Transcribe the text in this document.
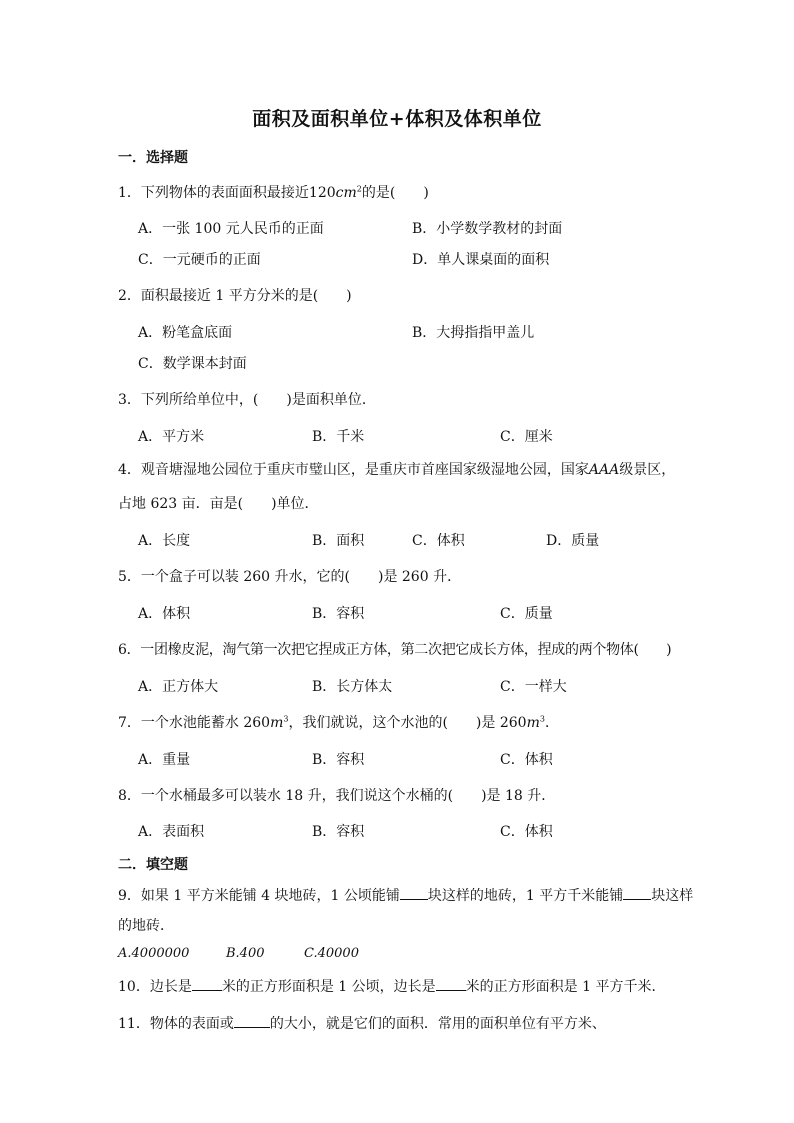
面积及面积单位+体积及体积单位
一．选择题
1．下列物体的表面面积最接近$120cm^2$的是(　　)
A．一张 100 元人民币的正面	B．小学数学教材的封面
C．一元硬币的正面	D．单人课桌面的面积
2．面积最接近 1 平方分米的是(　　)
A．粉笔盒底面	B．大拇指指甲盖儿
C．数学课本封面
3．下列所给单位中，(　　)是面积单位．
A．平方米	B．千米	C．厘米
4．观音塘湿地公园位于重庆市璧山区，是重庆市首座国家级湿地公园，国家AAA级景区，
占地 623 亩．亩是(　　)单位．
A．长度	B．面积	C．体积	D．质量
5．一个盒子可以装 260 升水，它的(　　)是 260 升．
A．体积	B．容积	C．质量
6．一团橡皮泥，淘气第一次把它捏成正方体，第二次把它成长方体，捏成的两个物体(　　)
A．正方体大	B．长方体太	C．一样大
7．一个水池能蓄水 $260m^3$，我们就说，这个水池的(　　)是 $260m^3$．
A．重量	B．容积	C．体积
8．一个水桶最多可以装水 18 升，我们说这个水桶的(　　)是 18 升．
A．表面积	B．容积	C．体积
二．填空题
9．如果 1 平方米能铺 4 块地砖，1 公顷能铺 块这样的地砖，1 平方千米能铺 块这样
的地砖．
A.4000000	B.400	C.40000
10．边长是 米的正方形面积是 1 公顷，边长是 米的正方形面积是 1 平方千米．
11．物体的表面或	的大小，就是它们的面积．常用的面积单位有平方米、
